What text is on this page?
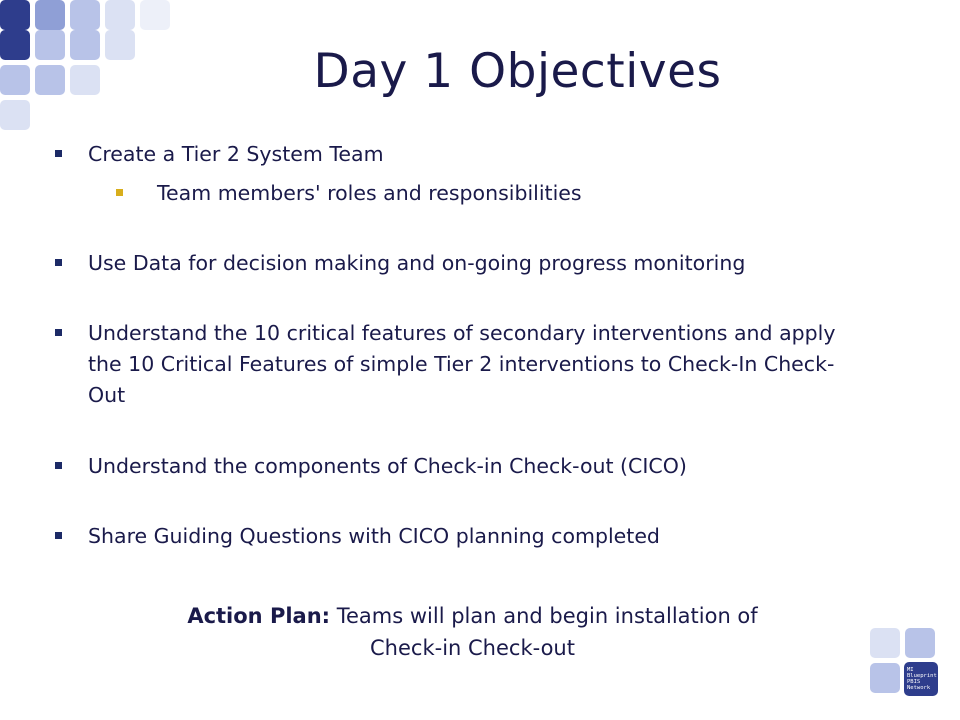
MI Blueprint PBIS Network
Day 1 Objectives
Create a Tier 2 System Team
Team members' roles and responsibilities
Use Data for decision making and on-going progress monitoring
Understand the 10 critical features of secondary interventions and apply the 10 Critical Features of simple Tier 2 interventions to Check-In Check-Out
Understand the components of Check-in Check-out (CICO)
Share Guiding Questions with CICO planning completed
Action Plan: Teams will plan and begin installation of
Check-in Check-out
